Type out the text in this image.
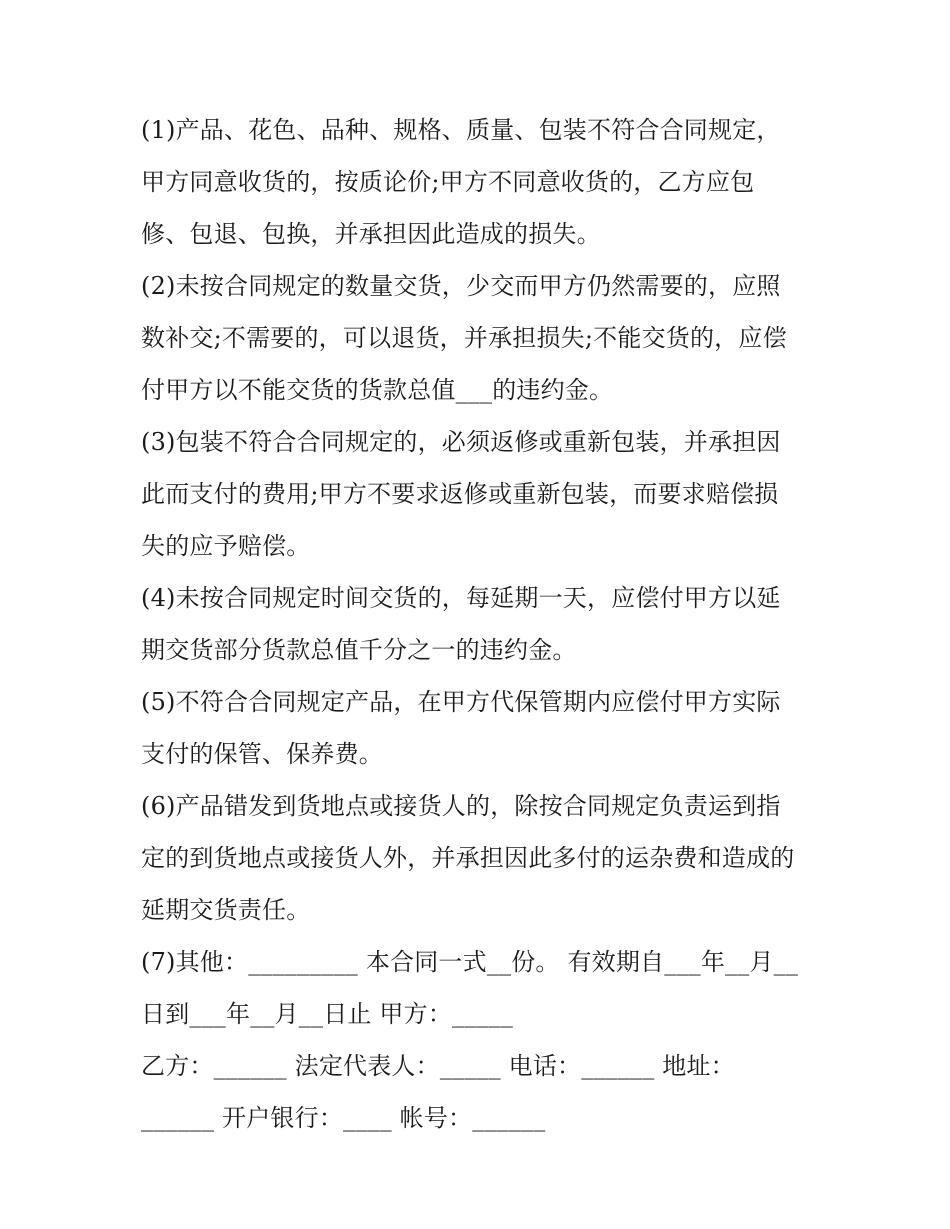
(1)产品、花色、品种、规格、质量、包装不符合合同规定，
甲方同意收货的，按质论价;甲方不同意收货的，乙方应包
修、包退、包换，并承担因此造成的损失。
(2)未按合同规定的数量交货，少交而甲方仍然需要的，应照
数补交;不需要的，可以退货，并承担损失;不能交货的，应偿
付甲方以不能交货的货款总值___的违约金。
(3)包装不符合合同规定的，必须返修或重新包装，并承担因
此而支付的费用;甲方不要求返修或重新包装，而要求赔偿损
失的应予赔偿。
(4)未按合同规定时间交货的，每延期一天，应偿付甲方以延
期交货部分货款总值千分之一的违约金。
(5)不符合合同规定产品，在甲方代保管期内应偿付甲方实际
支付的保管、保养费。
(6)产品错发到货地点或接货人的，除按合同规定负责运到指
定的到货地点或接货人外，并承担因此多付的运杂费和造成的
延期交货责任。
(7)其他：_________ 本合同一式__份。 有效期自___年__月__
日到___年__月__日止 甲方：_____
乙方：______ 法定代表人：_____ 电话：______ 地址：
______ 开户银行：____ 帐号：______
